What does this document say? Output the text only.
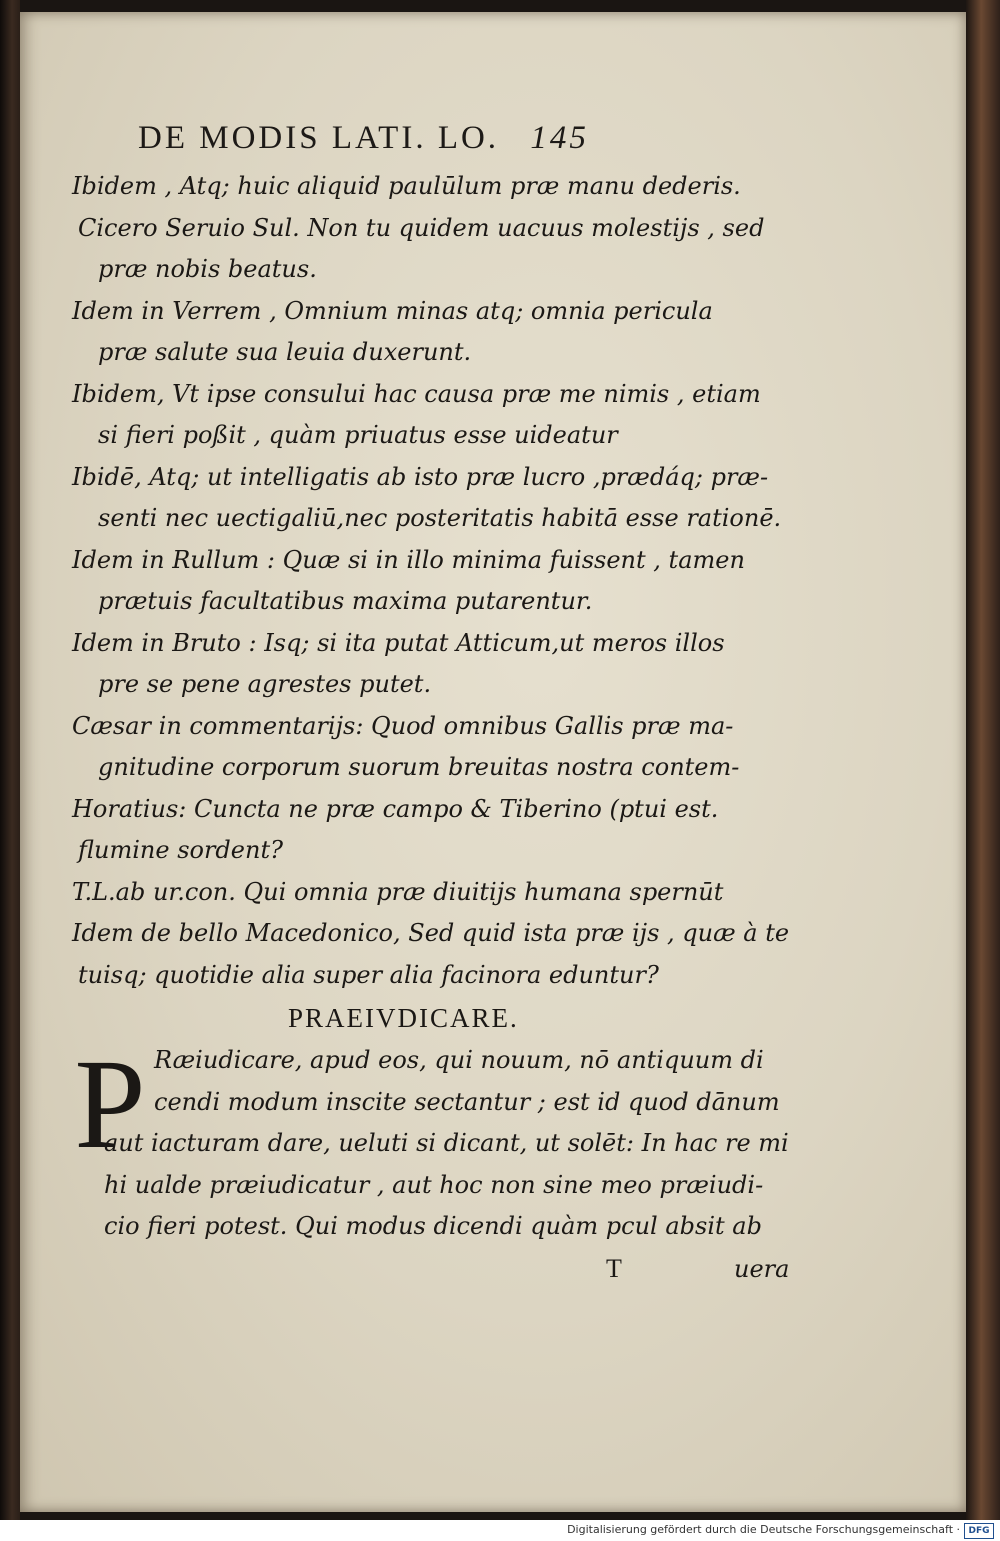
DE MODIS LATI. LO. 145
Ibidem , Atq; huic aliquid paulūlum præ manu dederis.
Cicero Seruio Sul. Non tu quidem uacuus molestijs , sed
præ nobis beatus.
Idem in Verrem , Omnium minas atq; omnia pericula
præ salute sua leuia duxerunt.
Ibidem, Vt ipse consului hac causa præ me nimis , etiam
si fieri poßit , quàm priuatus esse uideatur
Ibidē, Atq; ut intelligatis ab isto præ lucro ,prædáq; præ-
senti nec uectigaliū,nec posteritatis habitā esse rationē.
Idem in Rullum : Quæ si in illo minima fuissent , tamen
prætuis facultatibus maxima putarentur.
Idem in Bruto : Isq; si ita putat Atticum,ut meros illos
pre se pene agrestes putet.
Cæsar in commentarijs: Quod omnibus Gallis præ ma-
gnitudine corporum suorum breuitas nostra contem-
Horatius: Cuncta ne præ campo & Tiberino (ptui est.
flumine sordent?
T.L.ab ur.con. Qui omnia præ diuitijs humana spernūt
Idem de bello Macedonico, Sed quid ista præ ijs , quæ à te
tuisq; quotidie alia super alia facinora eduntur?
PRAEIVDICARE.
P Ræiudicare, apud eos, qui nouum, nō antiquum di
cendi modum inscite sectantur ; est id quod dānum
aut iacturam dare, ueluti si dicant, ut solēt: In hac re mi
hi ualde præiudicatur , aut hoc non sine meo præiudi-
cio fieri potest. Qui modus dicendi quàm pcul absit ab
T	uera
Digitalisierung gefördert durch die Deutsche Forschungsgemeinschaft · DFG
